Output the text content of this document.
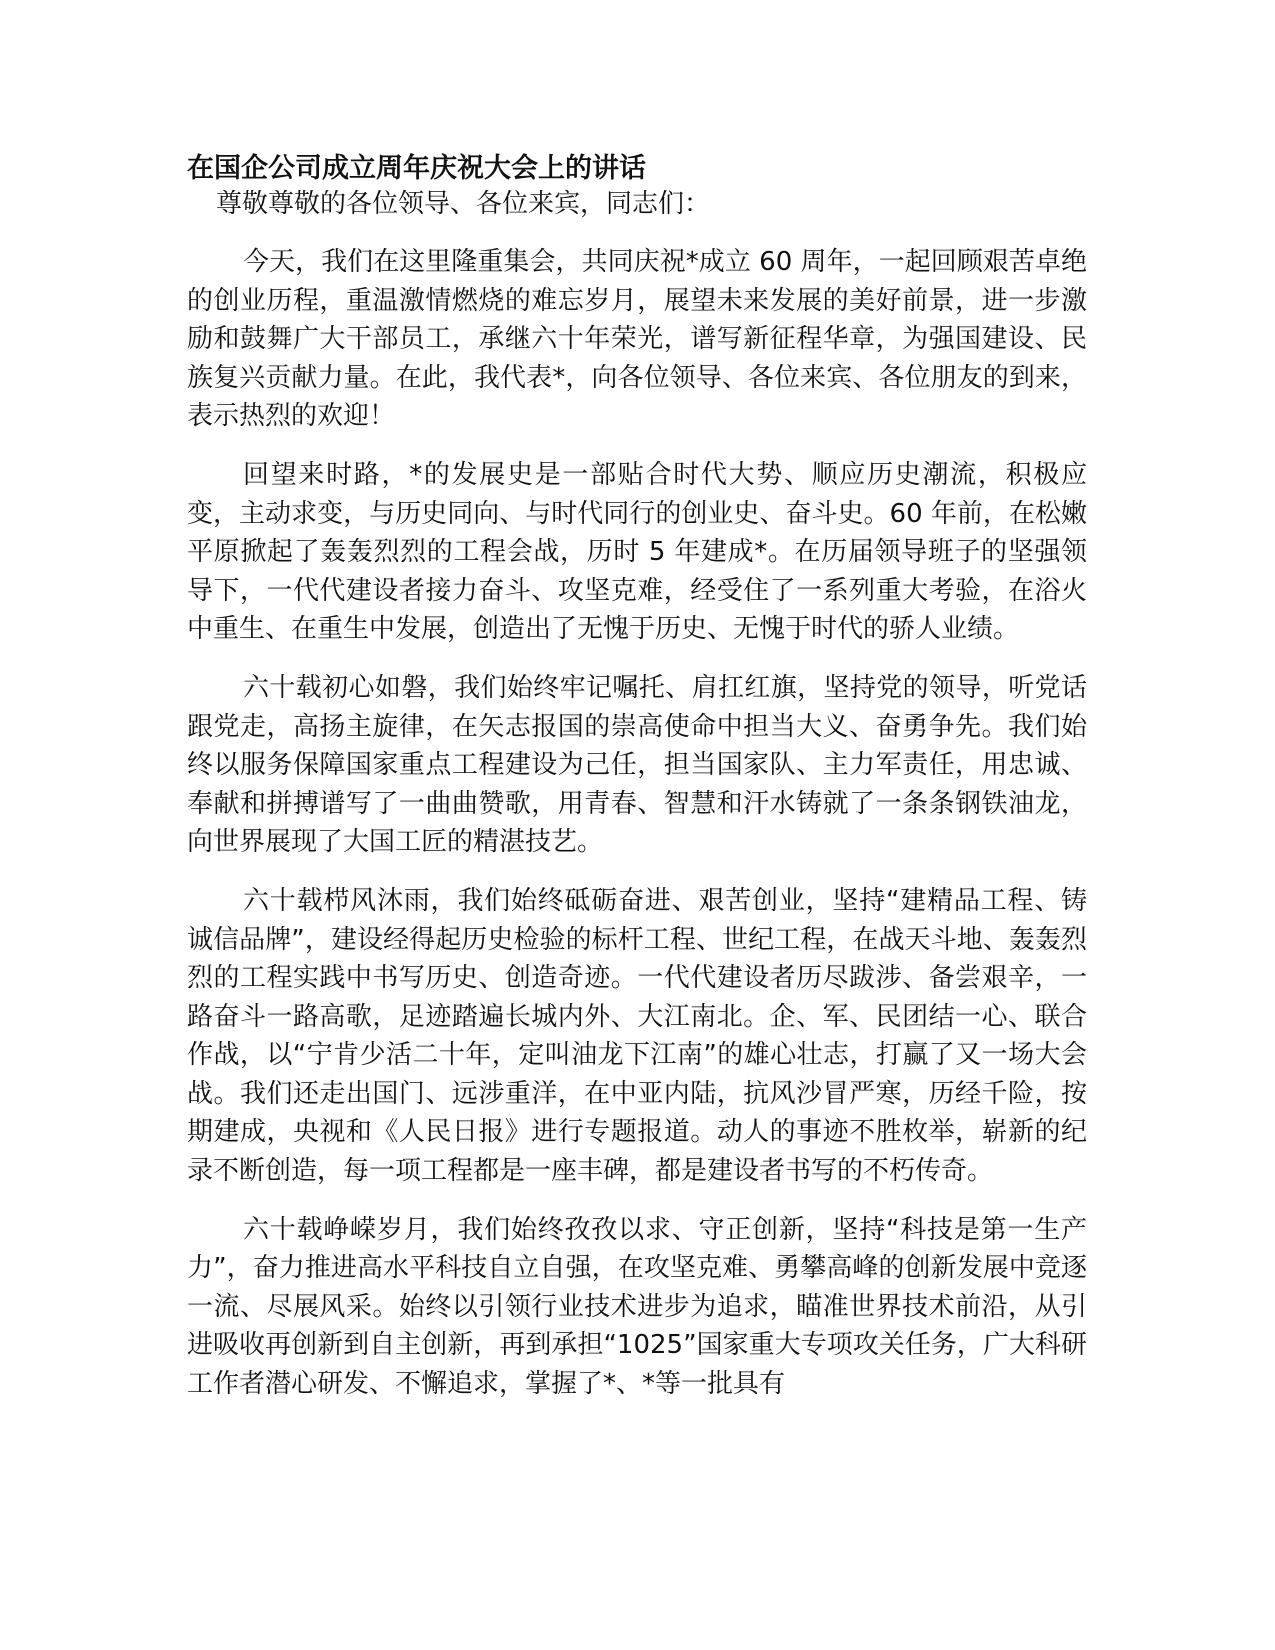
在国企公司成立周年庆祝大会上的讲话
尊敬尊敬的各位领导、各位来宾，同志们：

今天，我们在这里隆重集会，共同庆祝*成立 60 周年，一起回顾艰苦卓绝的创业历程，重温激情燃烧的难忘岁月，展望未来发展的美好前景，进一步激励和鼓舞广大干部员工，承继六十年荣光，谱写新征程华章，为强国建设、民族复兴贡献力量。在此，我代表*，向各位领导、各位来宾、各位朋友的到来，表示热烈的欢迎！

回望来时路，*的发展史是一部贴合时代大势、顺应历史潮流，积极应变，主动求变，与历史同向、与时代同行的创业史、奋斗史。60 年前，在松嫩平原掀起了轰轰烈烈的工程会战，历时 5 年建成*。在历届领导班子的坚强领导下，一代代建设者接力奋斗、攻坚克难，经受住了一系列重大考验，在浴火中重生、在重生中发展，创造出了无愧于历史、无愧于时代的骄人业绩。

六十载初心如磐，我们始终牢记嘱托、肩扛红旗，坚持党的领导，听党话跟党走，高扬主旋律，在矢志报国的崇高使命中担当大义、奋勇争先。我们始终以服务保障国家重点工程建设为己任，担当国家队、主力军责任，用忠诚、奉献和拼搏谱写了一曲曲赞歌，用青春、智慧和汗水铸就了一条条钢铁油龙，向世界展现了大国工匠的精湛技艺。

六十载栉风沐雨，我们始终砥砺奋进、艰苦创业，坚持“建精品工程、铸诚信品牌”，建设经得起历史检验的标杆工程、世纪工程，在战天斗地、轰轰烈烈的工程实践中书写历史、创造奇迹。一代代建设者历尽跋涉、备尝艰辛，一路奋斗一路高歌，足迹踏遍长城内外、大江南北。企、军、民团结一心、联合作战，以“宁肯少活二十年，定叫油龙下江南”的雄心壮志，打赢了又一场大会战。我们还走出国门、远涉重洋，在中亚内陆，抗风沙冒严寒，历经千险，按期建成，央视和《人民日报》进行专题报道。动人的事迹不胜枚举，崭新的纪录不断创造，每一项工程都是一座丰碑，都是建设者书写的不朽传奇。

六十载峥嵘岁月，我们始终孜孜以求、守正创新，坚持“科技是第一生产力”，奋力推进高水平科技自立自强，在攻坚克难、勇攀高峰的创新发展中竞逐一流、尽展风采。始终以引领行业技术进步为追求，瞄准世界技术前沿，从引进吸收再创新到自主创新，再到承担“1025”国家重大专项攻关任务，广大科研工作者潜心研发、不懈追求，掌握了*、*等一批具有
